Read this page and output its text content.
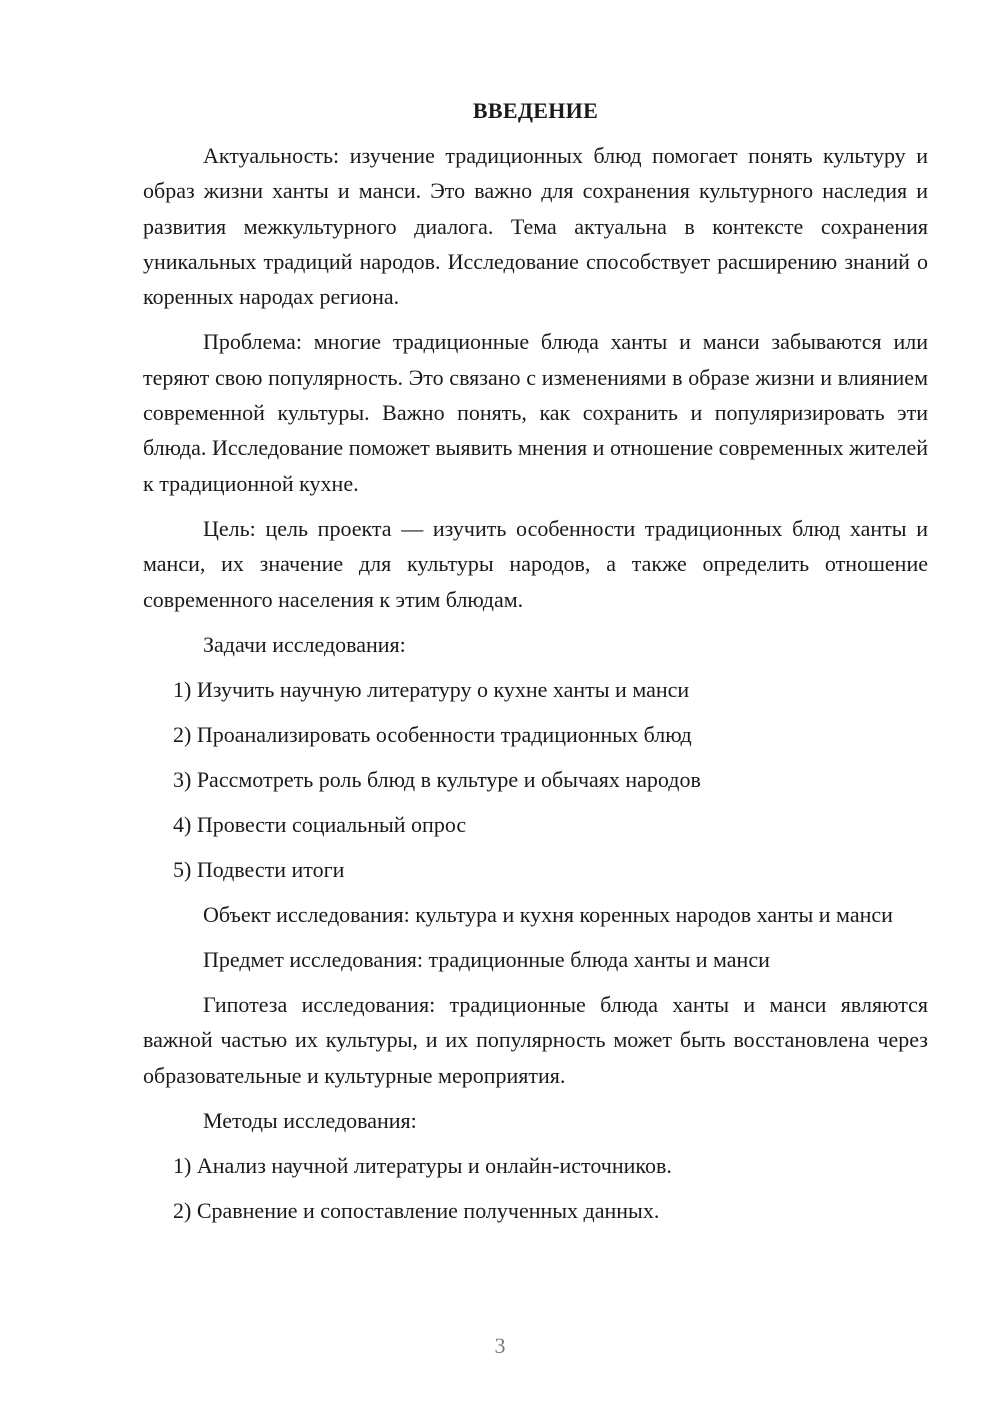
ВВЕДЕНИЕ

Актуальность: изучение традиционных блюд помогает понять культуру и образ жизни ханты и манси. Это важно для сохранения культурного наследия и развития межкультурного диалога. Тема актуальна в контексте сохранения уникальных традиций народов. Исследование способствует расширению знаний о коренных народах региона.

Проблема: многие традиционные блюда ханты и манси забываются или теряют свою популярность. Это связано с изменениями в образе жизни и влиянием современной культуры. Важно понять, как сохранить и популяризировать эти блюда. Исследование поможет выявить мнения и отношение современных жителей к традиционной кухне.

Цель: цель проекта — изучить особенности традиционных блюд ханты и манси, их значение для культуры народов, а также определить отношение современного населения к этим блюдам.

Задачи исследования:
1) Изучить научную литературу о кухне ханты и манси
2) Проанализировать особенности традиционных блюд
3) Рассмотреть роль блюд в культуре и обычаях народов
4) Провести социальный опрос
5) Подвести итоги

Объект исследования: культура и кухня коренных народов ханты и манси

Предмет исследования: традиционные блюда ханты и манси

Гипотеза исследования: традиционные блюда ханты и манси являются важной частью их культуры, и их популярность может быть восстановлена через образовательные и культурные мероприятия.

Методы исследования:
1) Анализ научной литературы и онлайн-источников.
2) Сравнение и сопоставление полученных данных.
3
